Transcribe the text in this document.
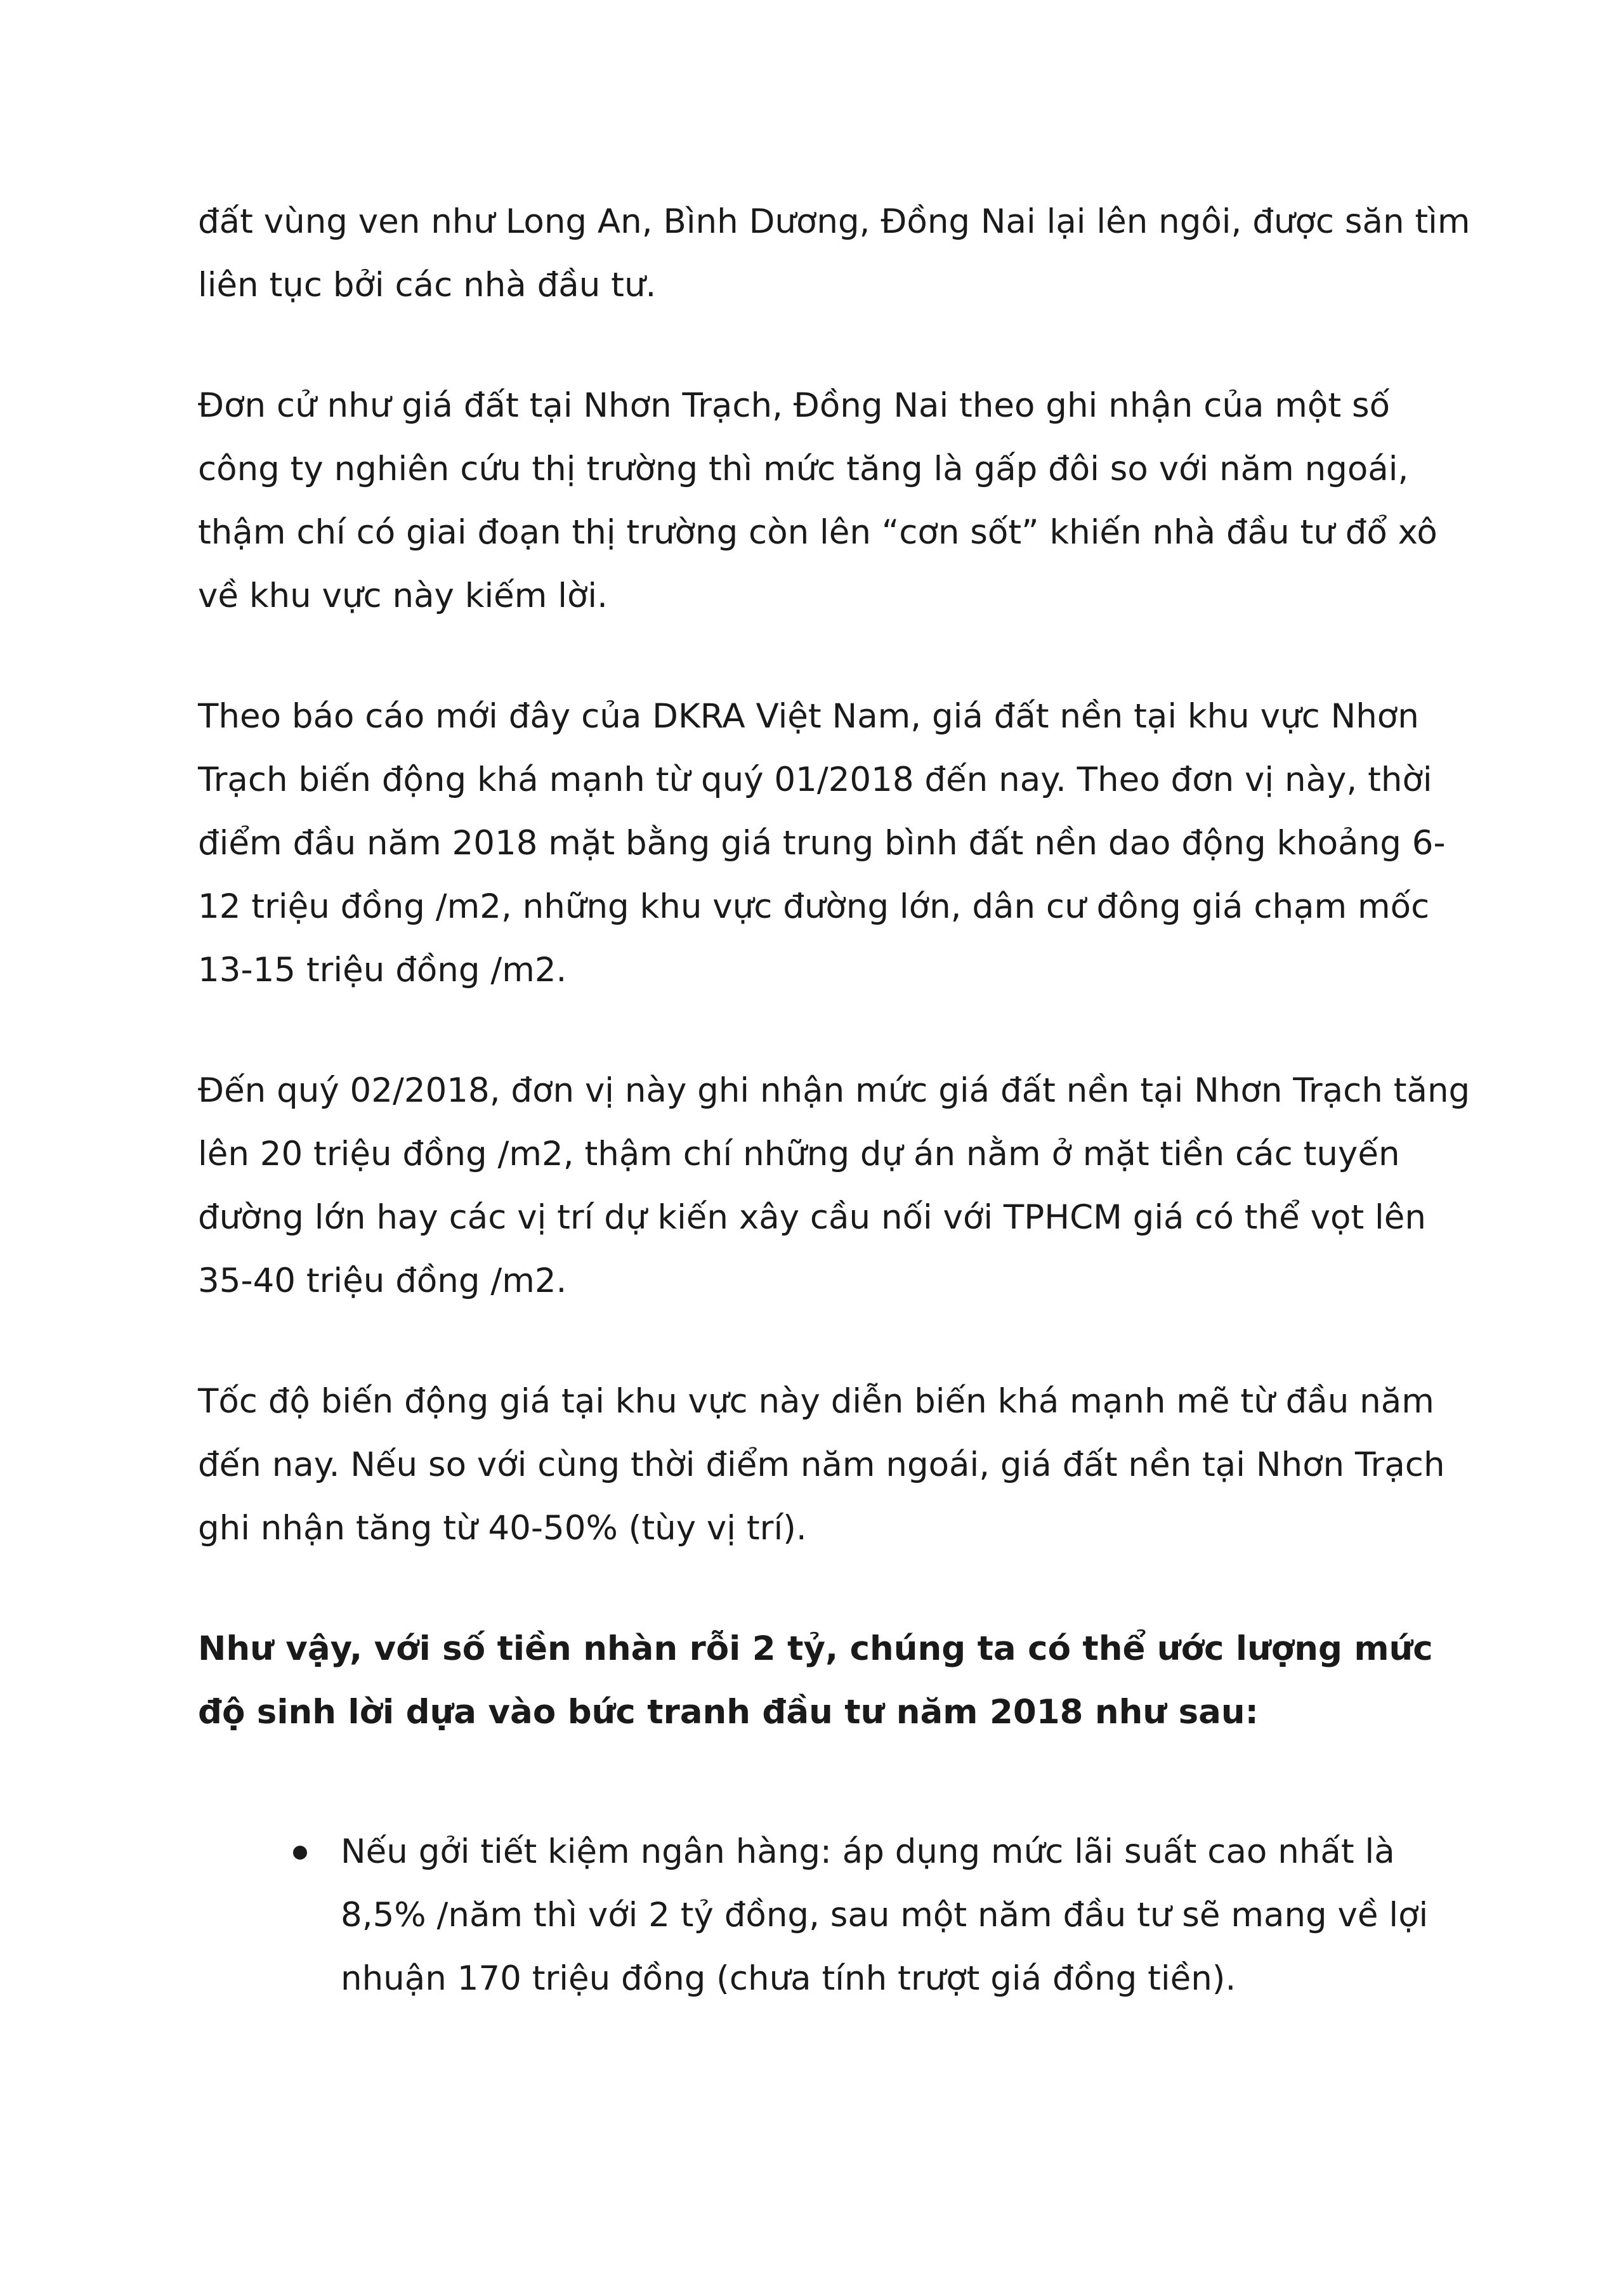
đất vùng ven như Long An, Bình Dương, Đồng Nai lại lên ngôi, được săn tìm liên tục bởi các nhà đầu tư.

Đơn cử như giá đất tại Nhơn Trạch, Đồng Nai theo ghi nhận của một số công ty nghiên cứu thị trường thì mức tăng là gấp đôi so với năm ngoái, thậm chí có giai đoạn thị trường còn lên “cơn sốt” khiến nhà đầu tư đổ xô về khu vực này kiếm lời.

Theo báo cáo mới đây của DKRA Việt Nam, giá đất nền tại khu vực Nhơn Trạch biến động khá mạnh từ quý 01/2018 đến nay. Theo đơn vị này, thời điểm đầu năm 2018 mặt bằng giá trung bình đất nền dao động khoảng 6-12 triệu đồng /m2, những khu vực đường lớn, dân cư đông giá chạm mốc 13-15 triệu đồng /m2.

Đến quý 02/2018, đơn vị này ghi nhận mức giá đất nền tại Nhơn Trạch tăng lên 20 triệu đồng /m2, thậm chí những dự án nằm ở mặt tiền các tuyến đường lớn hay các vị trí dự kiến xây cầu nối với TPHCM giá có thể vọt lên 35-40 triệu đồng /m2.

Tốc độ biến động giá tại khu vực này diễn biến khá mạnh mẽ từ đầu năm đến nay. Nếu so với cùng thời điểm năm ngoái, giá đất nền tại Nhơn Trạch ghi nhận tăng từ 40-50% (tùy vị trí).

Như vậy, với số tiền nhàn rỗi 2 tỷ, chúng ta có thể ước lượng mức độ sinh lời dựa vào bức tranh đầu tư năm 2018 như sau:

Nếu gởi tiết kiệm ngân hàng: áp dụng mức lãi suất cao nhất là 8,5% /năm thì với 2 tỷ đồng, sau một năm đầu tư sẽ mang về lợi nhuận 170 triệu đồng (chưa tính trượt giá đồng tiền).
